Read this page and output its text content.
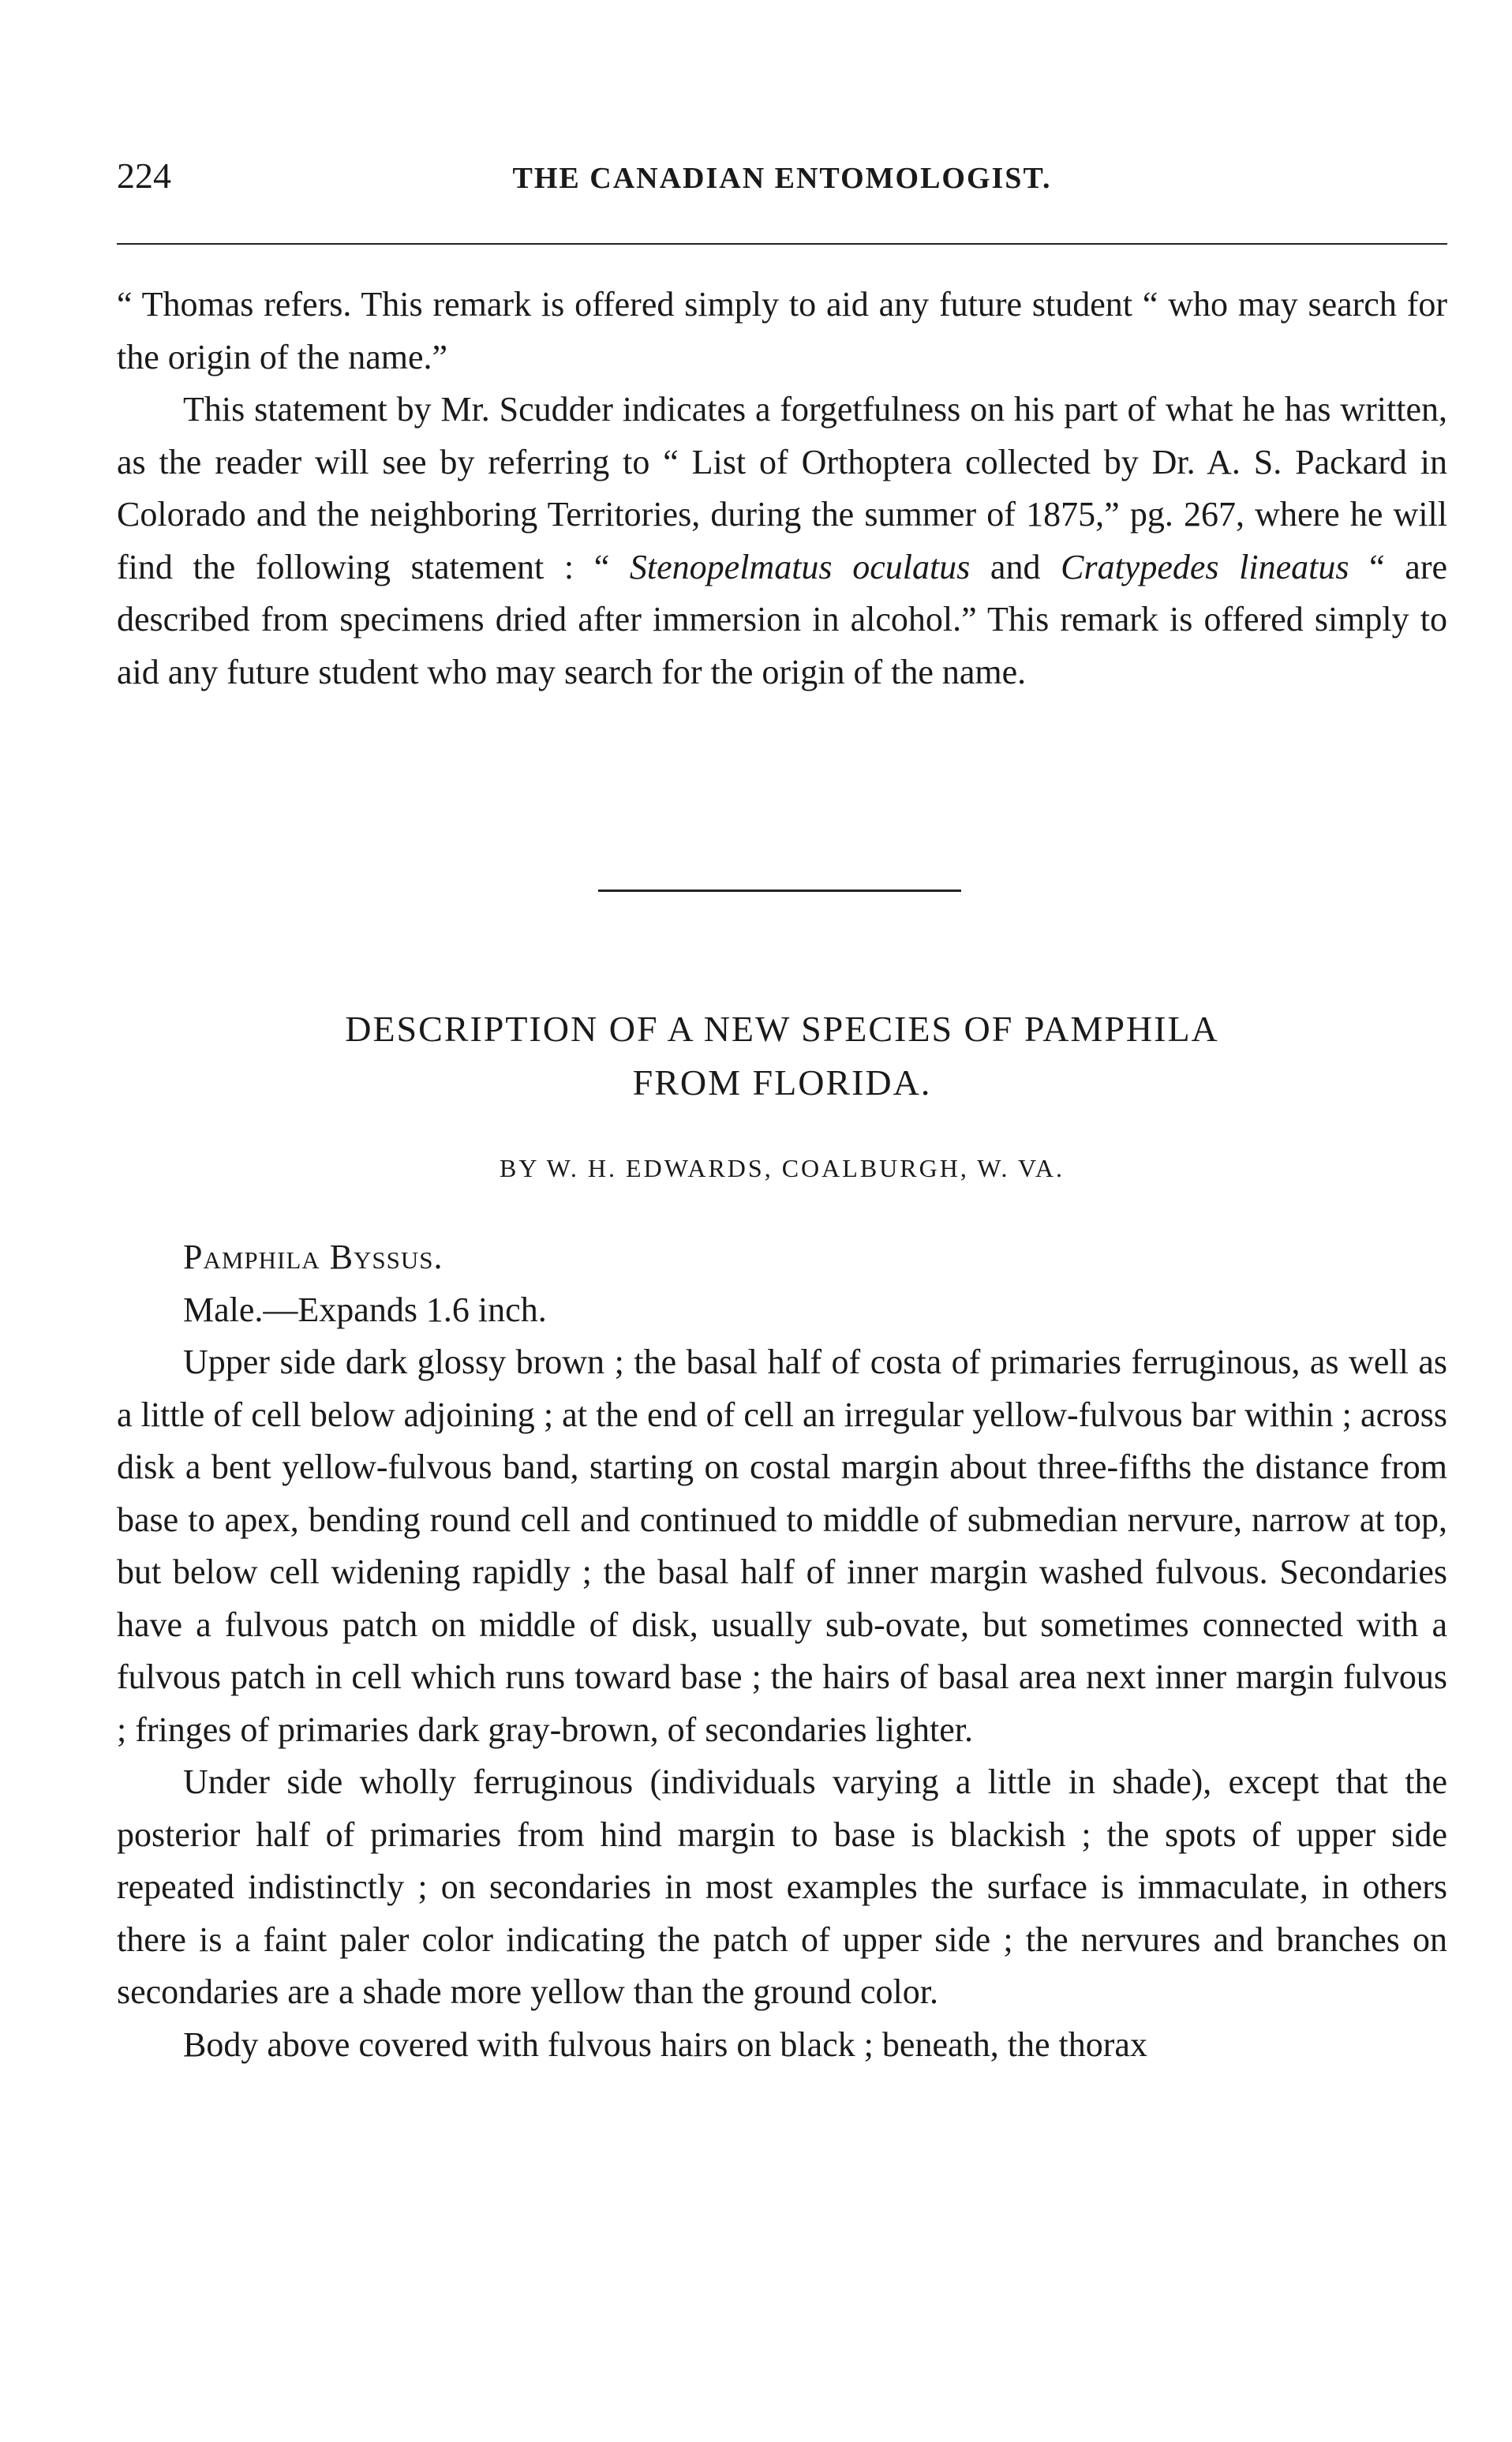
224	THE CANADIAN ENTOMOLOGIST.

“ Thomas refers. This remark is offered simply to aid any future student “ who may search for the origin of the name.”

This statement by Mr. Scudder indicates a forgetfulness on his part of what he has written, as the reader will see by referring to “ List of Orthoptera collected by Dr. A. S. Packard in Colorado and the neighboring Territories, during the summer of 1875,” pg. 267, where he will find the following statement : “ Stenopelmatus oculatus and Cratypedes lineatus “ are described from specimens dried after immersion in alcohol.” This remark is offered simply to aid any future student who may search for the origin of the name.

DESCRIPTION OF A NEW SPECIES OF PAMPHILA
FROM FLORIDA.
BY W. H. EDWARDS, COALBURGH, W. VA.

Pamphila Byssus.

Male.—Expands 1.6 inch.

Upper side dark glossy brown ; the basal half of costa of primaries ferruginous, as well as a little of cell below adjoining ; at the end of cell an irregular yellow-fulvous bar within ; across disk a bent yellow-fulvous band, starting on costal margin about three-fifths the distance from base to apex, bending round cell and continued to middle of submedian nervure, narrow at top, but below cell widening rapidly ; the basal half of inner margin washed fulvous. Secondaries have a fulvous patch on middle of disk, usually sub-ovate, but sometimes connected with a fulvous patch in cell which runs toward base ; the hairs of basal area next inner margin fulvous ; fringes of primaries dark gray-brown, of secondaries lighter.

Under side wholly ferruginous (individuals varying a little in shade), except that the posterior half of primaries from hind margin to base is blackish ; the spots of upper side repeated indistinctly ; on secondaries in most examples the surface is immaculate, in others there is a faint paler color indicating the patch of upper side ; the nervures and branches on secondaries are a shade more yellow than the ground color.

Body above covered with fulvous hairs on black ; beneath, the thorax
